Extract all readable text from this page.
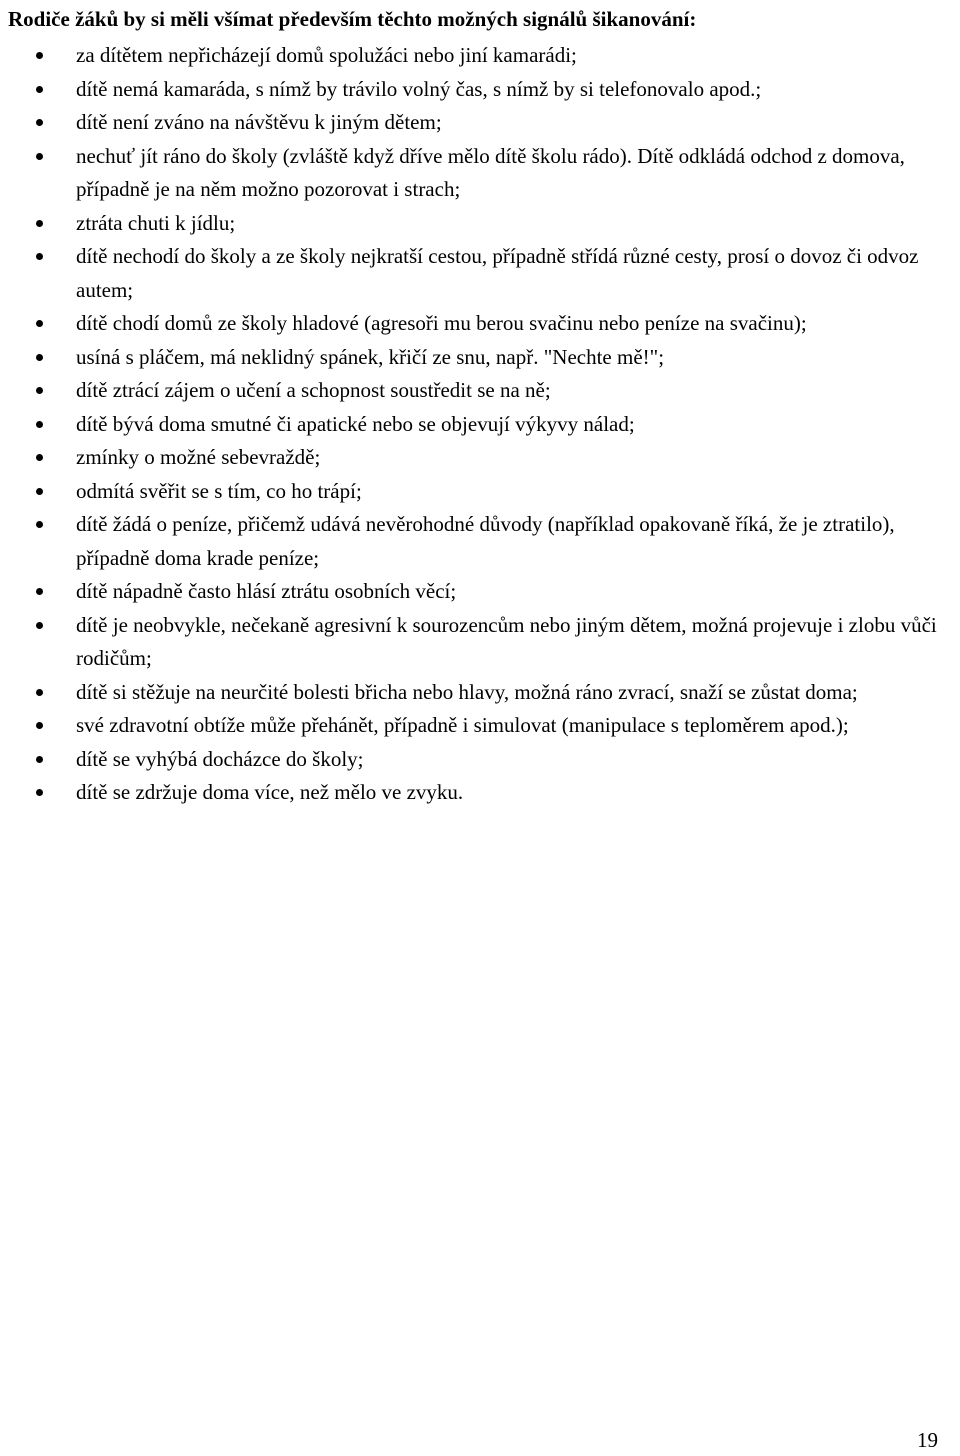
Rodiče žáků by si měli všímat především těchto možných signálů šikanování:
za dítětem nepřicházejí domů spolužáci nebo jiní kamarádi;
dítě nemá kamaráda, s nímž by trávilo volný čas, s nímž by si telefonovalo apod.;
dítě není zváno na návštěvu k jiným dětem;
nechuť jít ráno do školy (zvláště když dříve mělo dítě školu rádo). Dítě odkládá odchod z domova, případně je na něm možno pozorovat i strach;
ztráta chuti k jídlu;
dítě nechodí do školy a ze školy nejkratší cestou, případně střídá různé cesty, prosí o dovoz či odvoz autem;
dítě chodí domů ze školy hladové (agresoři mu berou svačinu nebo peníze na svačinu);
usíná s pláčem, má neklidný spánek, křičí ze snu, např. "Nechte mě!";
dítě ztrácí zájem o učení a schopnost soustředit se na ně;
dítě bývá doma smutné či apatické nebo se objevují výkyvy nálad;
zmínky o možné sebevraždě;
odmítá svěřit se s tím, co ho trápí;
dítě žádá o peníze, přičemž udává nevěrohodné důvody (například opakovaně říká, že je ztratilo), případně doma krade peníze;
dítě nápadně často hlásí ztrátu osobních věcí;
dítě je neobvykle, nečekaně agresivní k sourozencům nebo jiným dětem, možná projevuje i zlobu vůči rodičům;
dítě si stěžuje na neurčité bolesti břicha nebo hlavy, možná ráno zvrací, snaží se zůstat doma;
své zdravotní obtíže může přehánět, případně i simulovat (manipulace s teploměrem apod.);
dítě se vyhýbá docházce do školy;
dítě se zdržuje doma více, než mělo ve zvyku.
19
